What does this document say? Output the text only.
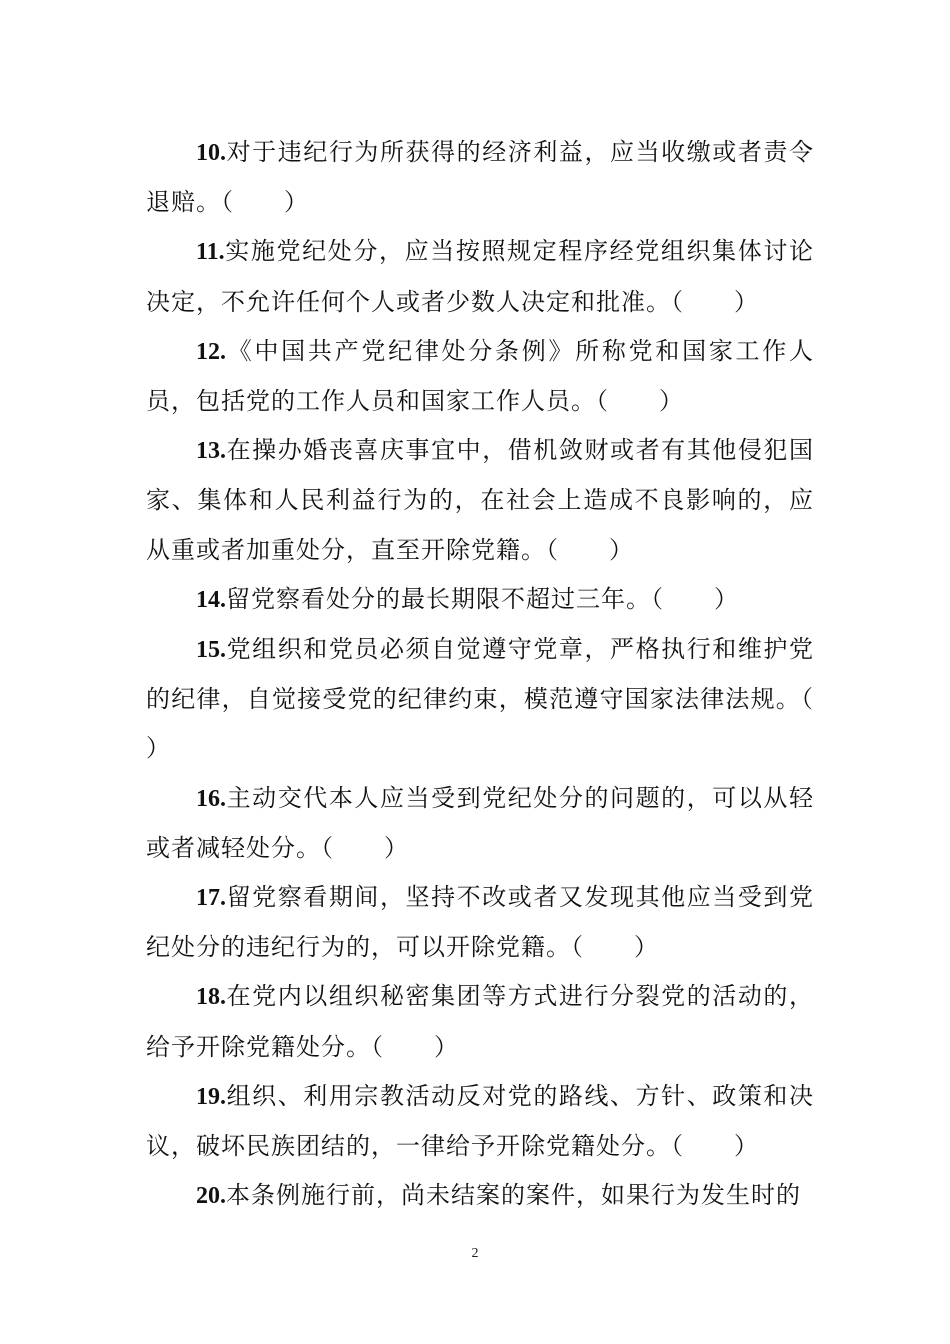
10.对于违纪行为所获得的经济利益，应当收缴或者责令退赔。（　　）

11.实施党纪处分，应当按照规定程序经党组织集体讨论决定，不允许任何个人或者少数人决定和批准。（　　）

12.《中国共产党纪律处分条例》所称党和国家工作人员，包括党的工作人员和国家工作人员。（　　）

13.在操办婚丧喜庆事宜中，借机敛财或者有其他侵犯国家、集体和人民利益行为的，在社会上造成不良影响的，应从重或者加重处分，直至开除党籍。（　　）

14.留党察看处分的最长期限不超过三年。（　　）

15.党组织和党员必须自觉遵守党章，严格执行和维护党的纪律，自觉接受党的纪律约束，模范遵守国家法律法规。（　　）

16.主动交代本人应当受到党纪处分的问题的，可以从轻或者减轻处分。（　　）

17.留党察看期间，坚持不改或者又发现其他应当受到党纪处分的违纪行为的，可以开除党籍。（　　）

18.在党内以组织秘密集团等方式进行分裂党的活动的，给予开除党籍处分。（　　）

19.组织、利用宗教活动反对党的路线、方针、政策和决议，破坏民族团结的，一律给予开除党籍处分。（　　）

20.本条例施行前，尚未结案的案件，如果行为发生时的

2
